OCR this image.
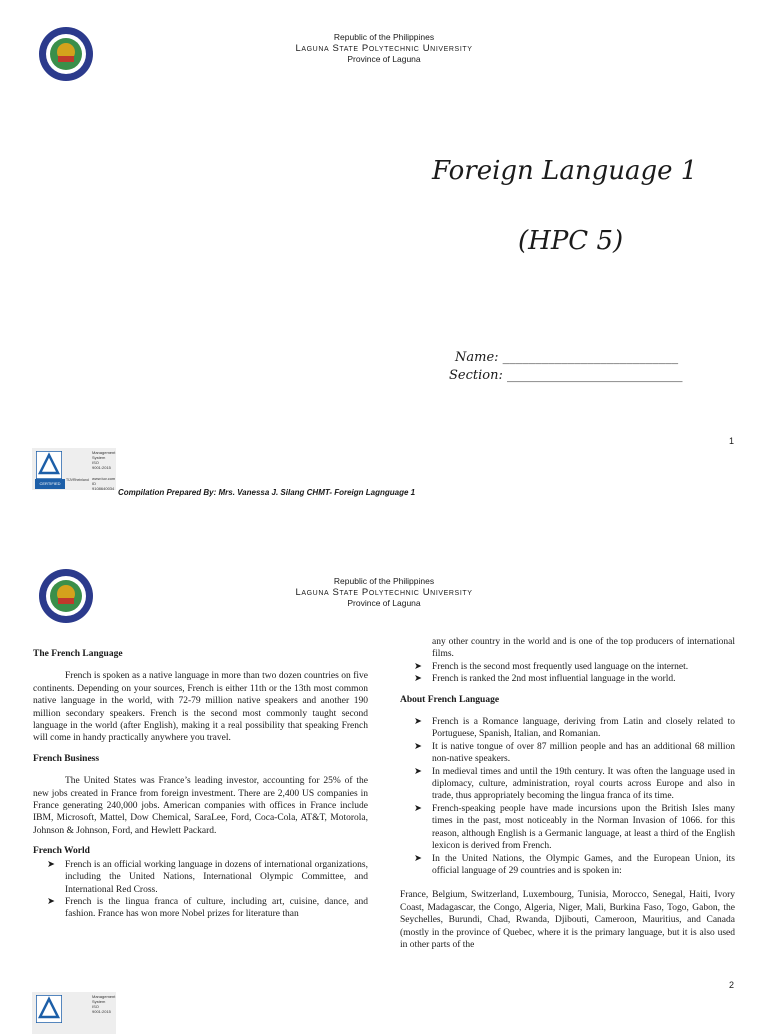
Republic of the Philippines
Laguna State Polytechnic University
Province of Laguna
Foreign Language 1
(HPC 5)
Name: ___________________________
Section: ___________________________
1
CERTIFIED
Management
System
ISO 9001:2015
www.tuv.com
ID 9108640034
TÜVRheinland
Compilation Prepared By: Mrs. Vanessa J. Silang CHMT- Foreign Lagnguage 1
Republic of the Philippines
Laguna State Polytechnic University
Province of Laguna
The French Language

French is spoken as a native language in more than two dozen countries on five continents. Depending on your sources, French is either 11th or the 13th most common native language in the world, with 72-79 million native speakers and another 190 million secondary speakers. French is the second most commonly taught second language in the world (after English), making it a real possibility that speaking French will come in handy practically anywhere you travel.

French Business

The United States was France’s leading investor, accounting for 25% of the new jobs created in France from foreign investment. There are 2,400 US companies in France generating 240,000 jobs. American companies with offices in France include IBM, Microsoft, Mattel, Dow Chemical, SaraLee, Ford, Coca-Cola, AT&T, Motorola, Johnson & Johnson, Ford, and Hewlett Packard.

French World
➤ French is an official working language in dozens of international organizations, including the United Nations, International Olympic Committee, and International Red Cross.
➤ French is the lingua franca of culture, including art, cuisine, dance, and fashion. France has won more Nobel prizes for literature than

any other country in the world and is one of the top producers of international films.

➤ French is the second most frequently used language on the internet.
➤ French is ranked the 2nd most influential language in the world.
About French Language
➤ French is a Romance language, deriving from Latin and closely related to Portuguese, Spanish, Italian, and Romanian.
➤ It is native tongue of over 87 million people and has an additional 68 million non-native speakers.
➤ In medieval times and until the 19th century. It was often the language used in diplomacy, culture, administration, royal courts across Europe and also in trade, thus appropriately becoming the lingua franca of its time.
➤ French-speaking people have made incursions upon the British Isles many times in the past, most noticeably in the Norman Invasion of 1066. for this reason, although English is a Germanic language, at least a third of the English lexicon is derived from French.
➤ In the United Nations, the Olympic Games, and the European Union, its official language of 29 countries and is spoken in:

France, Belgium, Switzerland, Luxembourg, Tunisia, Morocco, Senegal, Haiti, Ivory Coast, Madagascar, the Congo, Algeria, Niger, Mali, Burkina Faso, Togo, Gabon, the Seychelles, Burundi, Chad, Rwanda, Djibouti, Cameroon, Mauritius, and Canada (mostly in the province of Quebec, where it is the primary language, but it is also used in other parts of the

2
Management
System
ISO 9001:2015
